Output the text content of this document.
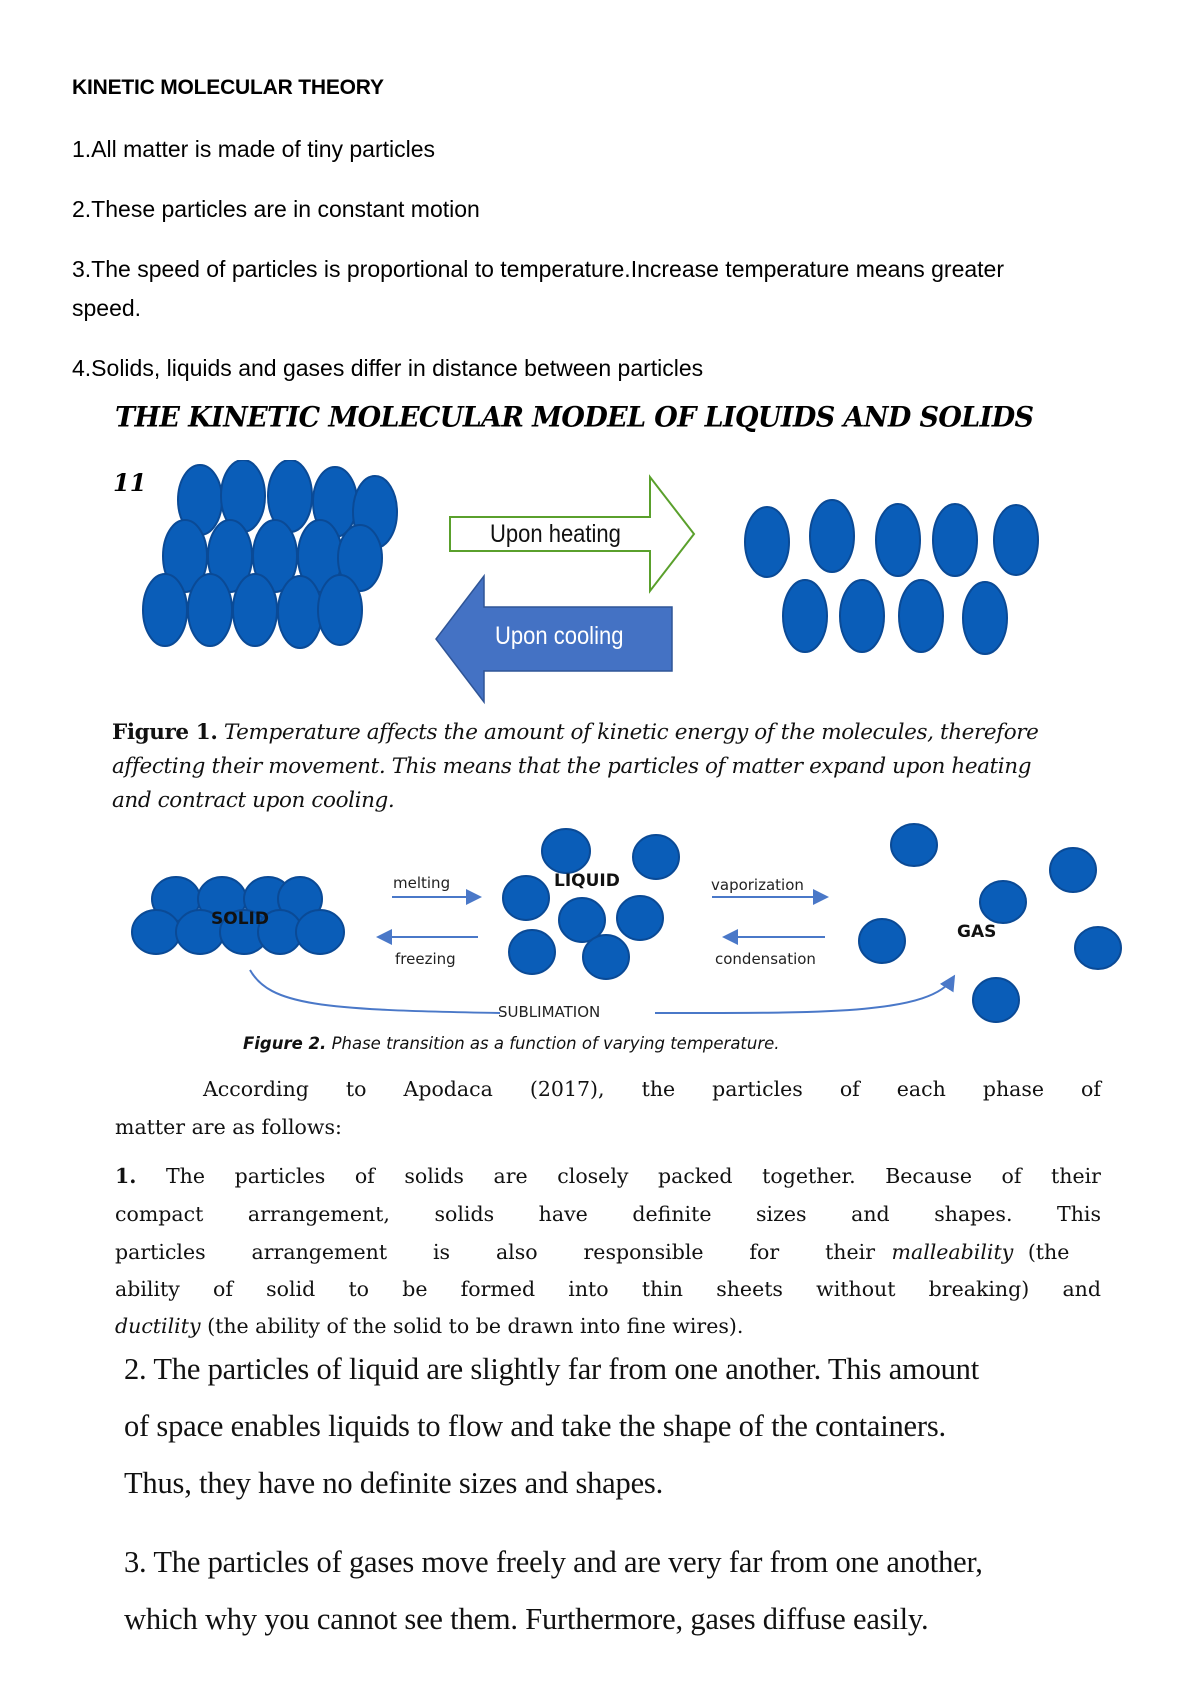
KINETIC MOLECULAR THEORY
1.All matter is made of tiny particles
2.These particles are in constant motion
3.The speed of particles is proportional to temperature.Increase temperature means greater
speed.
4.Solids, liquids and gases differ in distance between particles
THE KINETIC MOLECULAR MODEL OF LIQUIDS AND SOLIDS
11
Upon heating
Upon cooling
Figure 1. Temperature affects the amount of kinetic energy of the molecules, therefore
affecting their movement. This means that the particles of matter expand upon heating
and contract upon cooling.
SOLID
LIQUID
GAS
melting
freezing
vaporization
condensation
SUBLIMATION
Figure 2. Phase transition as a function of varying temperature.
According to Apodaca (2017), the particles of each phase of
matter are as follows:
1. The particles of solids are closely packed together. Because of their
compact arrangement, solids have definite sizes and shapes. This
particles arrangement is also responsible for their malleability (the
ability of solid to be formed into thin sheets without breaking) and
ductility (the ability of the solid to be drawn into fine wires).
2. The particles of liquid are slightly far from one another. This amount
of space enables liquids to flow and take the shape of the containers.
Thus, they have no definite sizes and shapes.
3. The particles of gases move freely and are very far from one another,
which why you cannot see them. Furthermore, gases diffuse easily.
